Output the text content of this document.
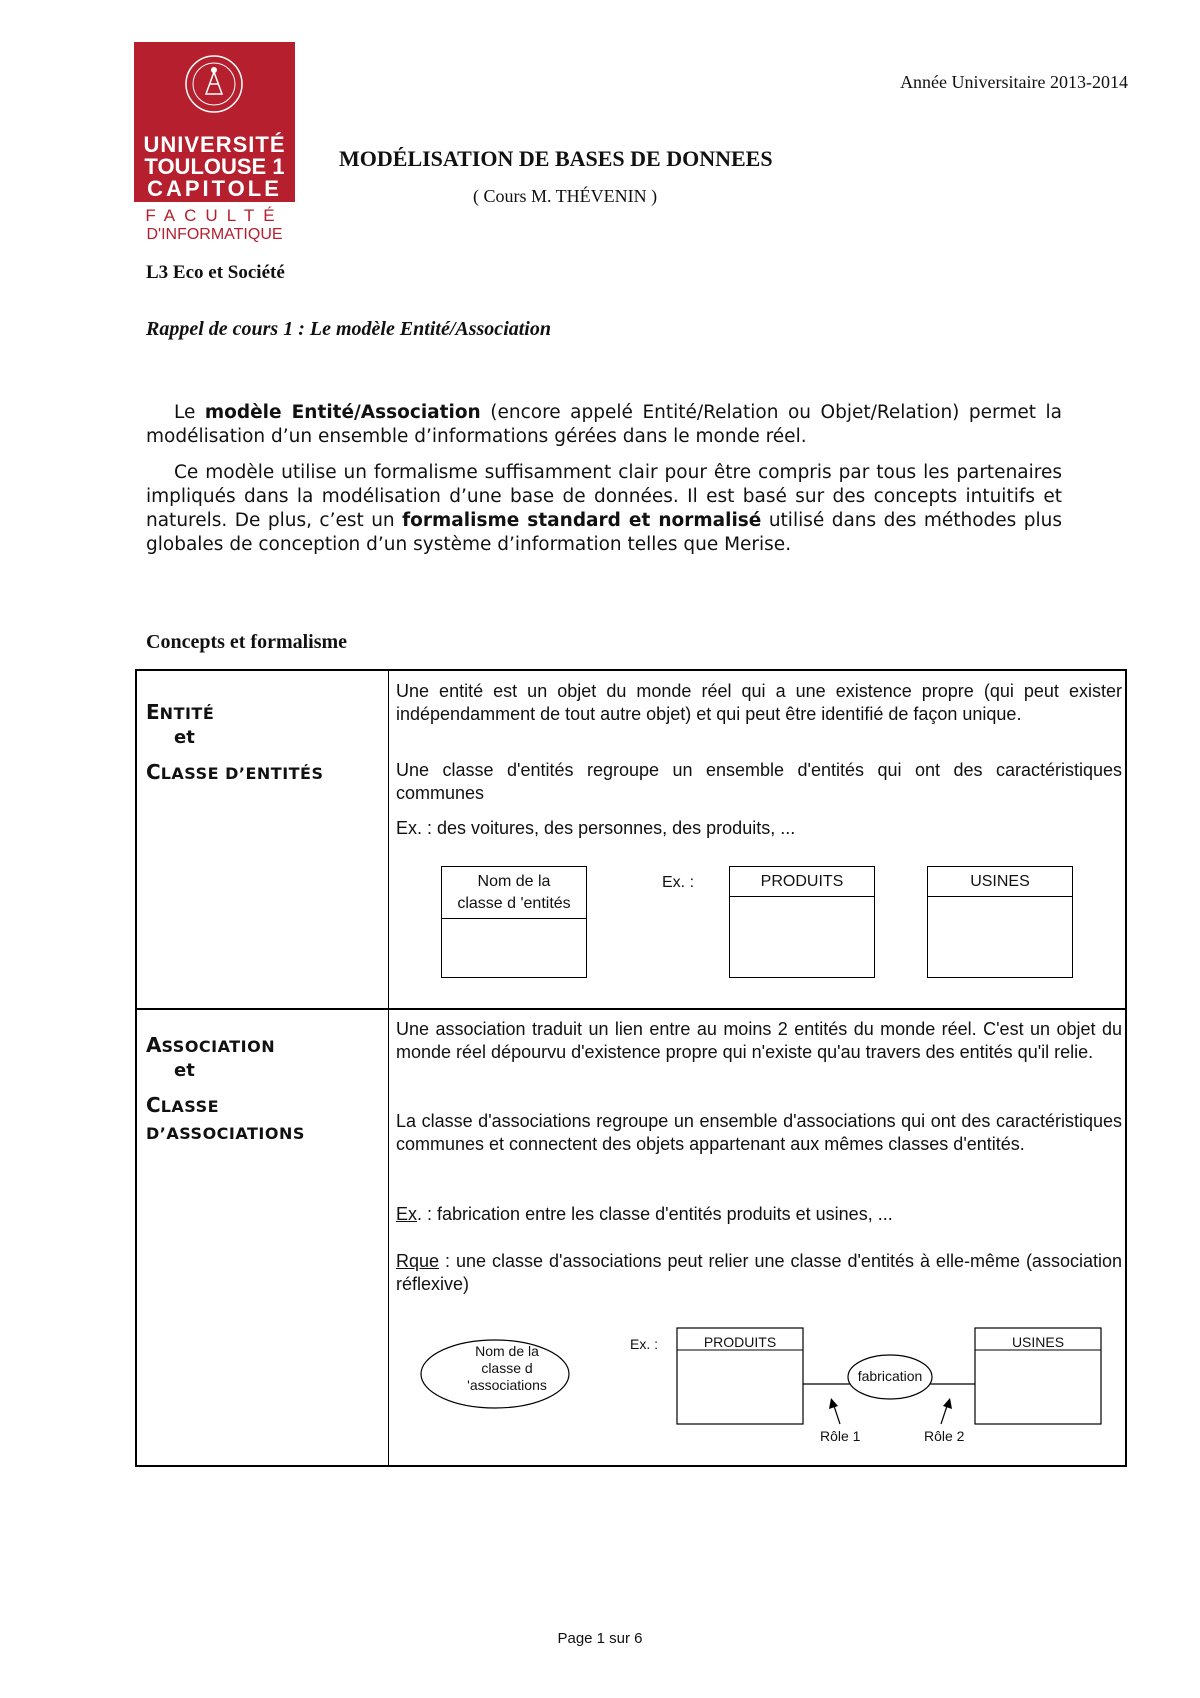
UNIVERSITÉ
TOULOUSE 1
CAPITOLE
FACULTÉ
D'INFORMATIQUE
Année Universitaire 2013-2014
MODÉLISATION DE BASES DE DONNEES
( Cours M. THÉVENIN )
L3 Eco et Société
Rappel de cours 1 : Le modèle Entité/Association
Le modèle Entité/Association (encore appelé Entité/Relation ou Objet/Relation) permet la modélisation d’un ensemble d’informations gérées dans le monde réel.
Ce modèle utilise un formalisme suffisamment clair pour être compris par tous les partenaires impliqués dans la modélisation d’une base de données. Il est basé sur des concepts intuitifs et naturels. De plus, c’est un formalisme standard et normalisé utilisé dans des méthodes plus globales de conception d’un système d’information telles que Merise.
Concepts et formalisme
ENTITÉ
et
CLASSE D’ENTITÉS
Une entité est un objet du monde réel qui a une existence propre (qui peut exister indépendamment de tout autre objet) et qui peut être identifié de façon unique.
Une classe d'entités regroupe un ensemble d'entités qui ont des caractéristiques communes
Ex. : des voitures, des personnes, des produits, ...
Nom de la
classe d 'entités
Ex. :	PRODUITS	USINES
ASSOCIATION
et
CLASSE
D’ASSOCIATIONS
Une association traduit un lien entre au moins 2 entités du monde réel. C'est un objet du monde réel dépourvu d'existence propre qui n'existe qu'au travers des entités qu'il relie.
La classe d'associations regroupe un ensemble d'associations qui ont des caractéristiques communes et connectent des objets appartenant aux mêmes classes d'entités.
Ex. : fabrication entre les classe d'entités produits et usines, ...
Rque : une classe d'associations peut relier une classe d'entités à elle-même (association réflexive)
Nom de la
classe d 'associations
Ex. :	PRODUITS	USINES
fabrication
Rôle 1	Rôle 2
Page 1 sur 6
